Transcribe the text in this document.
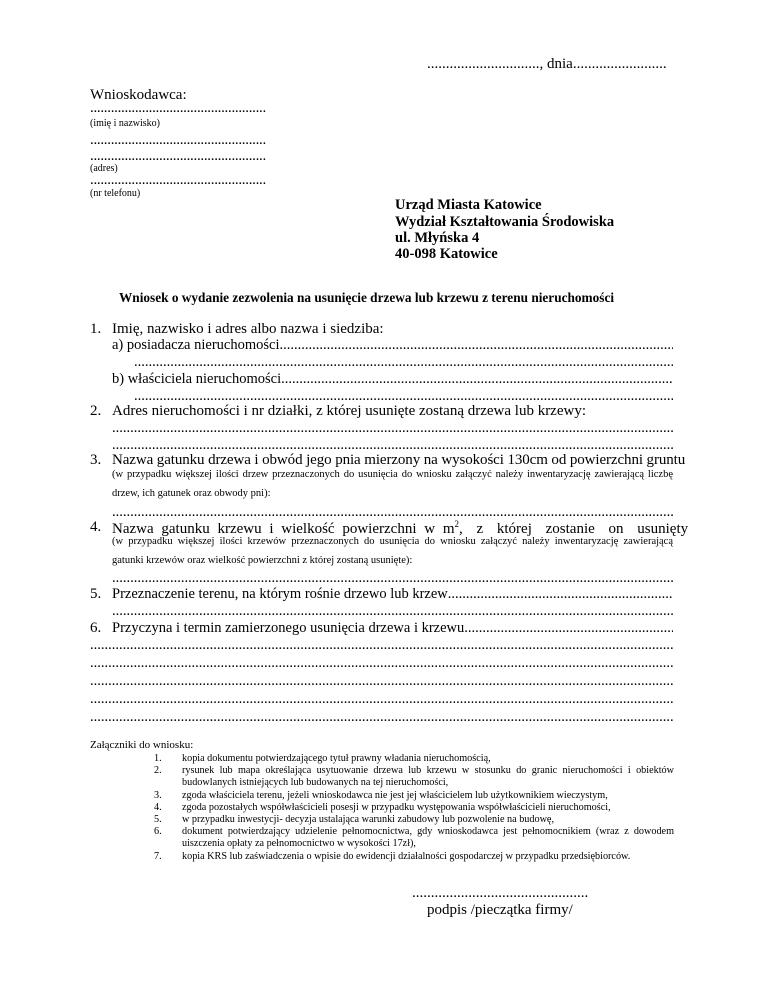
.............................., dnia.........................
Wnioskodawca:
...................................................
(imię i nazwisko)
...................................................
...................................................
(adres)
...................................................
(nr telefonu)
Urząd Miasta Katowice
Wydział Kształtowania Środowiska
ul. Młyńska 4
40-098 Katowice
Wniosek o wydanie zezwolenia na usunięcie drzewa lub krzewu z terenu nieruchomości
1. Imię, nazwisko i adres albo nazwa i siedziba:
a) posiadacza nieruchomości
.....
.....
b) właściciela nieruchomości
.....
.....
2. Adres nieruchomości i nr działki, z której usunięte zostaną drzewa lub krzewy:
.....
.....
3. Nazwa gatunku drzewa i obwód jego pnia mierzony na wysokości 130cm od powierzchni gruntu
(w przypadku większej ilości drzew przeznaczonych do usunięcia do wniosku załączyć należy inwentaryzację zawierającą liczbę drzew, ich gatunek oraz obwody pni):
.....
4. Nazwa gatunku krzewu i wielkość powierzchni w $m^2$, z której zostanie on usunięty
(w przypadku większej ilości krzewów przeznaczonych do usunięcia do wniosku załączyć należy inwentaryzację zawierającą gatunki krzewów oraz wielkość powierzchni z której zostaną usunięte):
.....
5. Przeznaczenie terenu, na którym rośnie drzewo lub krzew
.....
.....
6. Przyczyna i termin zamierzonego usunięcia drzewa i krzewu
.....
.....
.....
.....
.....
.....
Załączniki do wniosku:
1.	kopia dokumentu potwierdzającego tytuł prawny władania nieruchomością,
2.	rysunek lub mapa określająca usytuowanie drzewa lub krzewu w stosunku do granic nieruchomości i obiektów budowlanych istniejących lub budowanych na tej nieruchomości,
3.	zgoda właściciela terenu, jeżeli wnioskodawca nie jest jej właścicielem lub użytkownikiem wieczystym,
4.	zgoda pozostałych współwłaścicieli posesji w przypadku występowania współwłaścicieli nieruchomości,
5.	w przypadku inwestycji- decyzja ustalająca warunki zabudowy lub pozwolenie na budowę,
6.	dokument potwierdzający udzielenie pełnomocnictwa, gdy wnioskodawca jest pełnomocnikiem (wraz z dowodem uiszczenia opłaty za pełnomocnictwo w wysokości 17zł),
7.	kopia KRS lub zaświadczenia o wpisie do ewidencji działalności gospodarczej w przypadku przedsiębiorców.
...............................................
podpis /pieczątka firmy/
